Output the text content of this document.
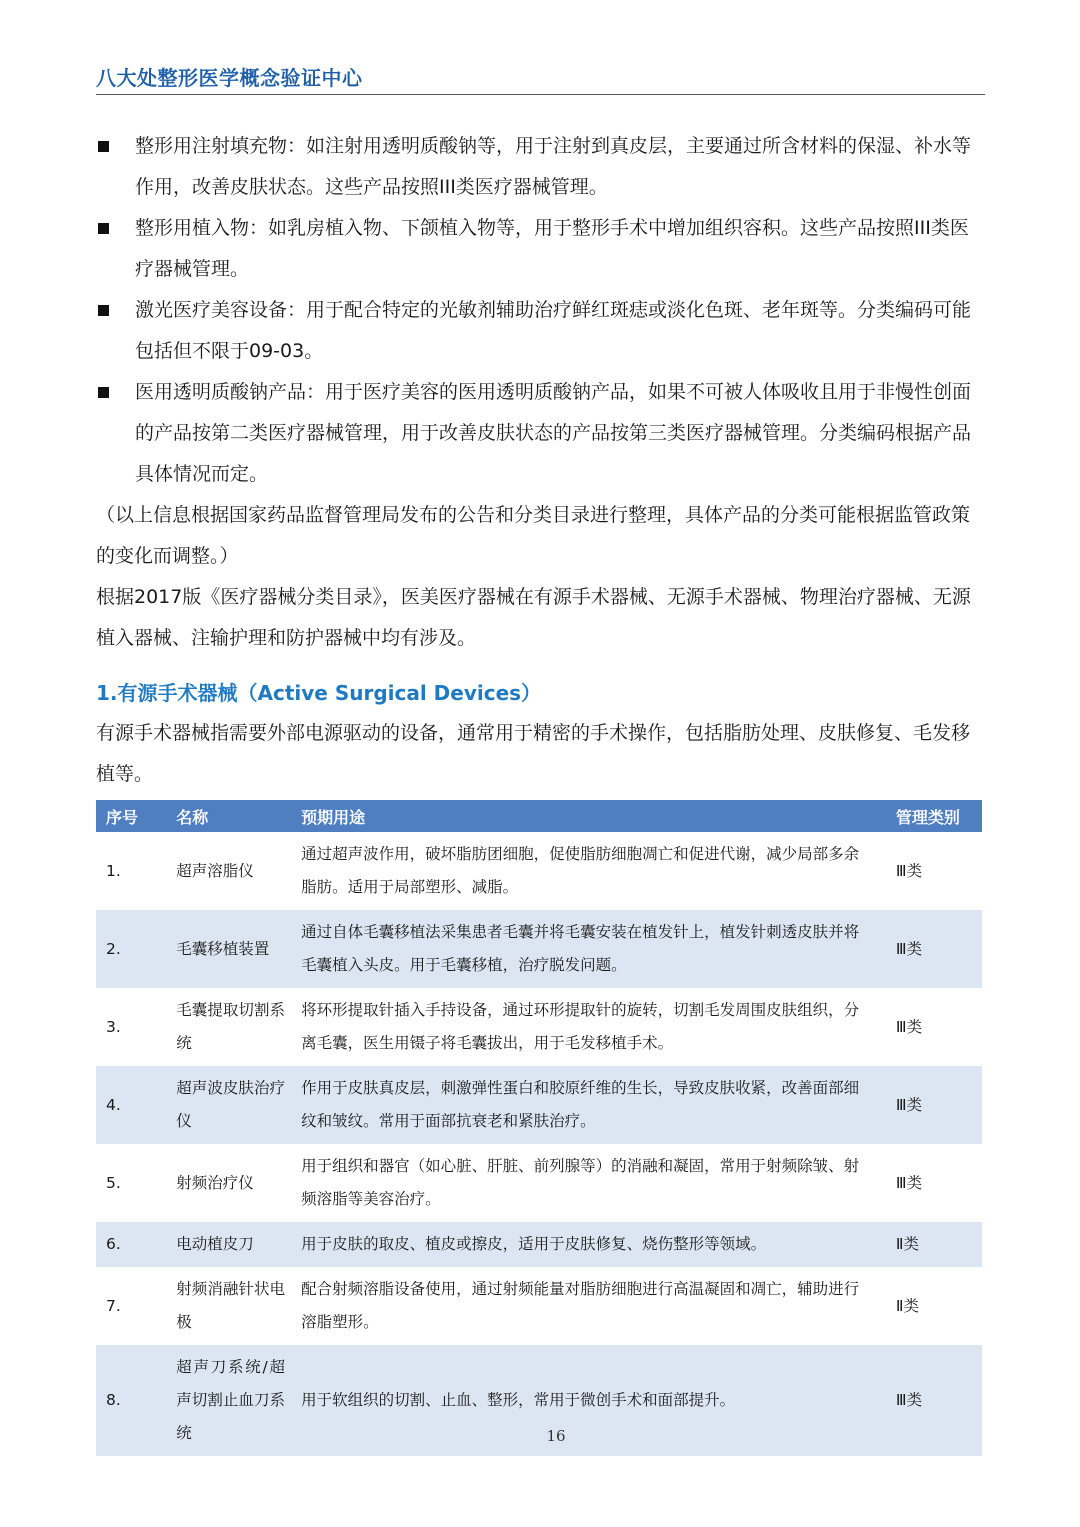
八大处整形医学概念验证中心
整形用注射填充物：如注射用透明质酸钠等，用于注射到真皮层，主要通过所含材料的保湿、补水等作用，改善皮肤状态。这些产品按照III类医疗器械管理。
整形用植入物：如乳房植入物、下颌植入物等，用于整形手术中增加组织容积。这些产品按照III类医疗器械管理。
激光医疗美容设备：用于配合特定的光敏剂辅助治疗鲜红斑痣或淡化色斑、老年斑等。分类编码可能包括但不限于09-03。
医用透明质酸钠产品：用于医疗美容的医用透明质酸钠产品，如果不可被人体吸收且用于非慢性创面的产品按第二类医疗器械管理，用于改善皮肤状态的产品按第三类医疗器械管理。分类编码根据产品具体情况而定。

（以上信息根据国家药品监督管理局发布的公告和分类目录进行整理，具体产品的分类可能根据监管政策的变化而调整。）

根据2017版《医疗器械分类目录》，医美医疗器械在有源手术器械、无源手术器械、物理治疗器械、无源植入器械、注输护理和防护器械中均有涉及。

1.有源手术器械（Active Surgical Devices）

有源手术器械指需要外部电源驱动的设备，通常用于精密的手术操作，包括脂肪处理、皮肤修复、毛发移植等。

序号	名称	预期用途	管理类别
1.	超声溶脂仪	通过超声波作用，破坏脂肪团细胞，促使脂肪细胞凋亡和促进代谢，减少局部多余脂肪。适用于局部塑形、减脂。	Ⅲ类
2.	毛囊移植装置	通过自体毛囊移植法采集患者毛囊并将毛囊安装在植发针上，植发针刺透皮肤并将毛囊植入头皮。用于毛囊移植，治疗脱发问题。	Ⅲ类
3.	毛囊提取切割系统	将环形提取针插入手持设备，通过环形提取针的旋转，切割毛发周围皮肤组织，分离毛囊，医生用镊子将毛囊拔出，用于毛发移植手术。	Ⅲ类
4.	超声波皮肤治疗仪	作用于皮肤真皮层，刺激弹性蛋白和胶原纤维的生长，导致皮肤收紧，改善面部细纹和皱纹。常用于面部抗衰老和紧肤治疗。	Ⅲ类
5.	射频治疗仪	用于组织和器官（如心脏、肝脏、前列腺等）的消融和凝固，常用于射频除皱、射频溶脂等美容治疗。	Ⅲ类
6.	电动植皮刀	用于皮肤的取皮、植皮或擦皮，适用于皮肤修复、烧伤整形等领域。	Ⅱ类
7.	射频消融针状电极	配合射频溶脂设备使用，通过射频能量对脂肪细胞进行高温凝固和凋亡，辅助进行溶脂塑形。	Ⅱ类
8.	超声刀系统/超声切割止血刀系统	用于软组织的切割、止血、整形，常用于微创手术和面部提升。	Ⅲ类
16
